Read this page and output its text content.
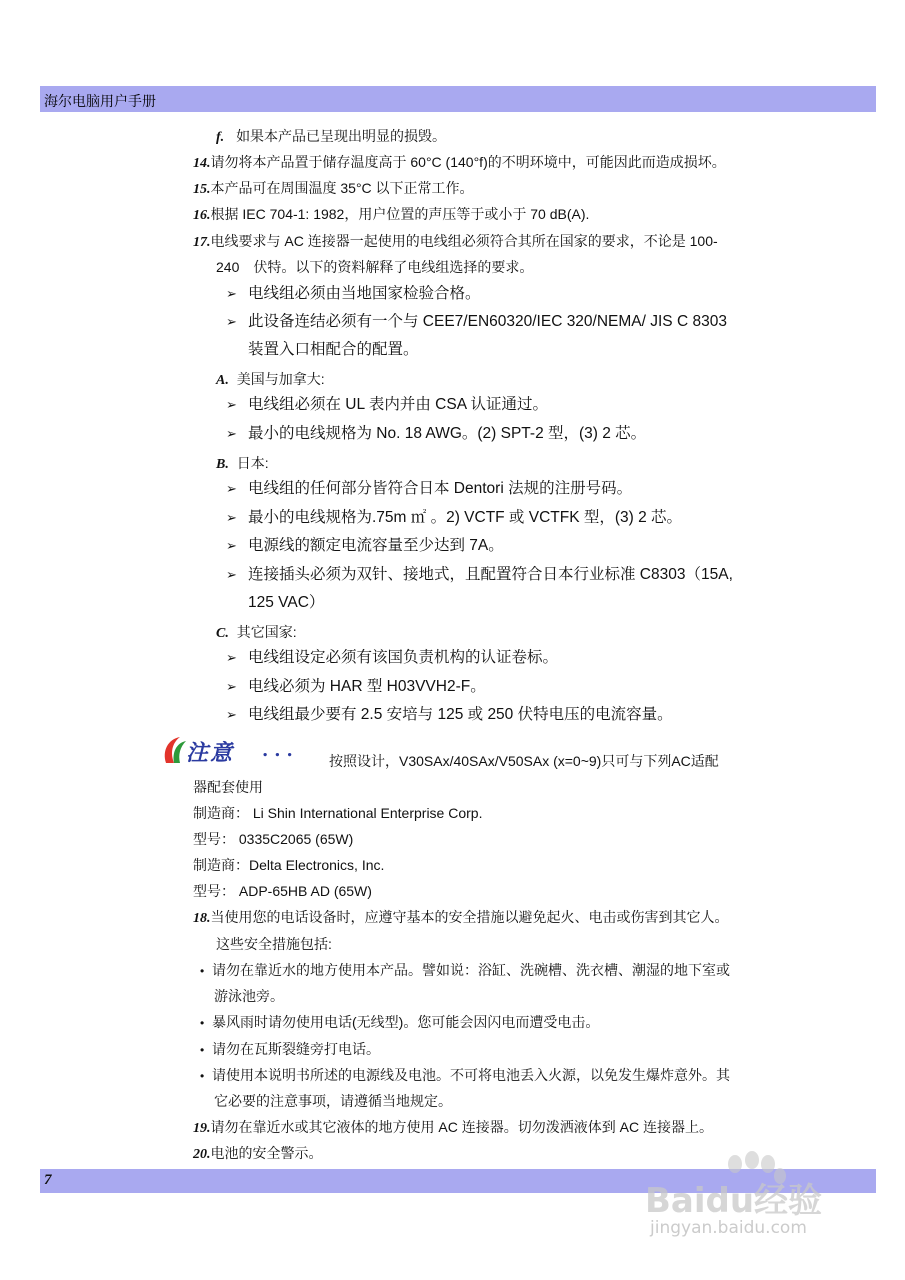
海尔电脑用户手册
f. 如果本产品已呈现出明显的损毁。
14.请勿将本产品置于储存温度高于 60°C (140°f)的不明环境中，可能因此而造成损坏。
15.本产品可在周围温度 35°C 以下正常工作。
16.根据 IEC 704-1: 1982，用户位置的声压等于或小于 70 dB(A).
17.电线要求与 AC 连接器一起使用的电线组必须符合其所在国家的要求，不论是 100-
240　伏特。以下的资料解释了电线组选择的要求。
➢ 电线组必须由当地国家检验合格。
➢ 此设备连结必须有一个与 CEE7/EN60320/IEC 320/NEMA/ JIS C 8303
装置入口相配合的配置。
A. 美国与加拿大:
➢ 电线组必须在 UL 表内并由 CSA 认证通过。
➢ 最小的电线规格为 No. 18 AWG。(2) SPT-2 型，(3) 2 芯。
B. 日本:
➢ 电线组的任何部分皆符合日本 Dentori 法规的注册号码。
➢ 最小的电线规格为.75m ㎡ 。2) VCTF 或 VCTFK 型，(3) 2 芯。
➢ 电源线的额定电流容量至少达到 7A。
➢ 连接插头必须为双针、接地式，且配置符合日本行业标准 C8303（15A,
125 VAC）
C. 其它国家:
➢ 电线组设定必须有该国负责机构的认证卷标。
➢ 电线必须为 HAR 型 H03VVH2-F。
➢ 电线组最少要有 2.5 安培与 125 或 250 伏特电压的电流容量。
注意 ... 按照设计，V30SAx/40SAx/V50SAx (x=0~9)只可与下列AC适配
器配套使用
制造商： Li Shin International Enterprise Corp.
型号： 0335C2065 (65W)
制造商：Delta Electronics, Inc.
型号： ADP-65HB AD (65W)
18.当使用您的电话设备时，应遵守基本的安全措施以避免起火、电击或伤害到其它人。
这些安全措施包括:
• 请勿在靠近水的地方使用本产品。譬如说：浴缸、洗碗槽、洗衣槽、潮湿的地下室或
游泳池旁。
• 暴风雨时请勿使用电话(无线型)。您可能会因闪电而遭受电击。
• 请勿在瓦斯裂缝旁打电话。
• 请使用本说明书所述的电源线及电池。不可将电池丢入火源，以免发生爆炸意外。其
它必要的注意事项，请遵循当地规定。
19.请勿在靠近水或其它液体的地方使用 AC 连接器。切勿泼洒液体到 AC 连接器上。
20.电池的安全警示。
7
Baidu经验
jingyan.baidu.com
